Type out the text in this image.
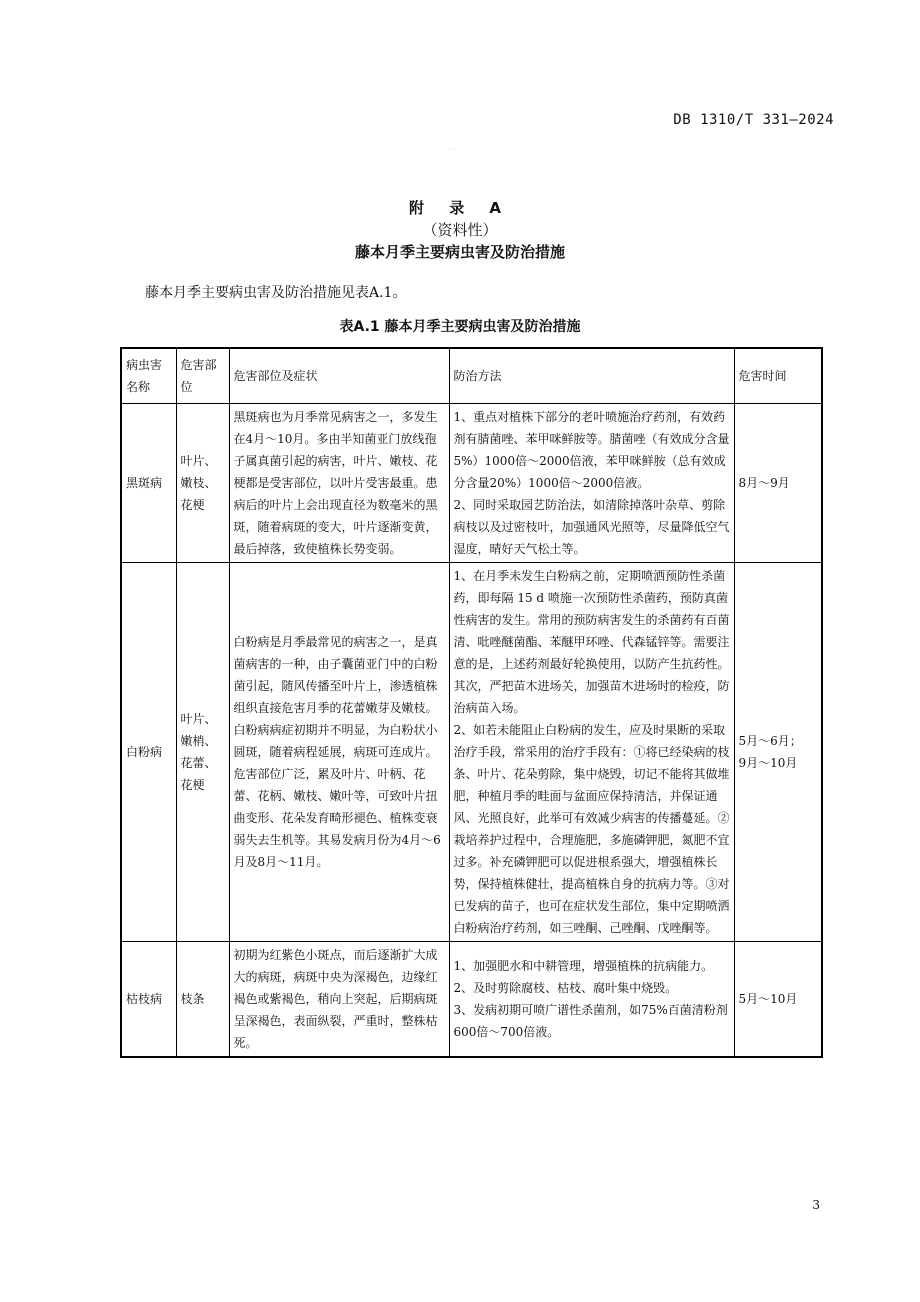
DB 1310/T 331—2024
· ·
附 录 A
（资料性）
藤本月季主要病虫害及防治措施
藤本月季主要病虫害及防治措施见表A.1。
表A.1 藤本月季主要病虫害及防治措施
病虫害名称	危害部位	危害部位及症状	防治方法	危害时间
黑斑病	叶片、嫩枝、花梗	黑斑病也为月季常见病害之一，多发生在4月～10月。多由半知菌亚门放线孢子属真菌引起的病害，叶片、嫩枝、花梗都是受害部位，以叶片受害最重。患病后的叶片上会出现直径为数毫米的黑斑，随着病斑的变大，叶片逐渐变黄，最后掉落，致使植株长势变弱。	1、重点对植株下部分的老叶喷施治疗药剂，有效药剂有腈菌唑、苯甲咪鲜胺等。腈菌唑（有效成分含量5%）1000倍～2000倍液，苯甲咪鲜胺（总有效成分含量20%）1000倍～2000倍液。
2、同时采取园艺防治法，如清除掉落叶杂草、剪除病枝以及过密枝叶，加强通风光照等，尽量降低空气湿度，晴好天气松土等。	8月～9月
白粉病	叶片、嫩梢、花蕾、花梗	白粉病是月季最常见的病害之一，是真菌病害的一种，由子囊菌亚门中的白粉菌引起，随风传播至叶片上，渗透植株组织直接危害月季的花蕾嫩芽及嫩枝。白粉病病症初期并不明显，为白粉状小圆斑，随着病程延展，病斑可连成片。危害部位广泛，累及叶片、叶柄、花蕾、花柄、嫩枝、嫩叶等，可致叶片扭曲变形、花朵发育畸形褪色、植株变衰弱失去生机等。其易发病月份为4月～6月及8月～11月。	1、在月季未发生白粉病之前，定期喷洒预防性杀菌药，即每隔 15 d 喷施一次预防性杀菌药，预防真菌性病害的发生。常用的预防病害发生的杀菌药有百菌清、吡唑醚菌酯、苯醚甲环唑、代森锰锌等。需要注意的是，上述药剂最好轮换使用，以防产生抗药性。其次，严把苗木进场关，加强苗木进场时的检疫，防治病苗入场。
2、如若未能阻止白粉病的发生，应及时果断的采取治疗手段，常采用的治疗手段有：①将已经染病的枝条、叶片、花朵剪除，集中烧毁，切记不能将其做堆肥，种植月季的畦面与盆面应保持清洁，并保证通风、光照良好，此举可有效减少病害的传播蔓延。②栽培养护过程中，合理施肥，多施磷钾肥，氮肥不宜过多。补充磷钾肥可以促进根系强大，增强植株长势，保持植株健壮，提高植株自身的抗病力等。③对已发病的苗子，也可在症状发生部位，集中定期喷洒白粉病治疗药剂，如三唑酮、己唑酮、戊唑酮等。	5月～6月；
9月～10月
枯枝病	枝条	初期为红紫色小斑点，而后逐渐扩大成大的病斑，病斑中央为深褐色，边缘红褐色或紫褐色，稍向上突起，后期病斑呈深褐色，表面纵裂，严重时，整株枯死。	1、加强肥水和中耕管理，增强植株的抗病能力。
2、及时剪除腐枝、枯枝、腐叶集中烧毁。
3、发病初期可喷广谱性杀菌剂，如75%百菌清粉剂600倍～700倍液。	5月～10月
3
